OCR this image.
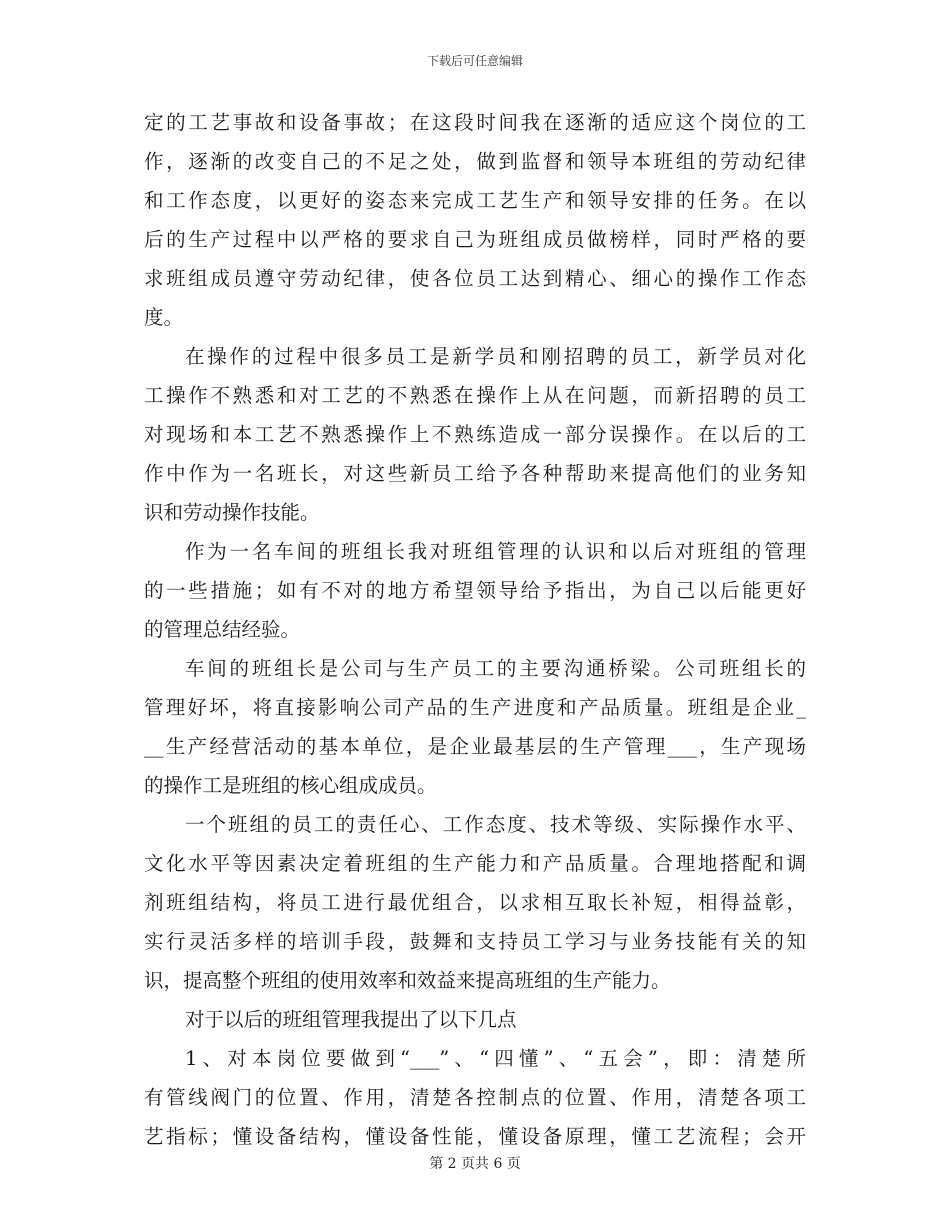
下载后可任意编辑
定的工艺事故和设备事故；在这段时间我在逐渐的适应这个岗位的工
作，逐渐的改变自己的不足之处，做到监督和领导本班组的劳动纪律
和工作态度，以更好的姿态来完成工艺生产和领导安排的任务。在以
后的生产过程中以严格的要求自己为班组成员做榜样，同时严格的要
求班组成员遵守劳动纪律，使各位员工达到精心、细心的操作工作态
度。
在操作的过程中很多员工是新学员和刚招聘的员工，新学员对化
工操作不熟悉和对工艺的不熟悉在操作上从在问题，而新招聘的员工
对现场和本工艺不熟悉操作上不熟练造成一部分误操作。在以后的工
作中作为一名班长，对这些新员工给予各种帮助来提高他们的业务知
识和劳动操作技能。
作为一名车间的班组长我对班组管理的认识和以后对班组的管理
的一些措施；如有不对的地方希望领导给予指出，为自己以后能更好
的管理总结经验。
车间的班组长是公司与生产员工的主要沟通桥梁。公司班组长的
管理好坏，将直接影响公司产品的生产进度和产品质量。班组是企业_
__生产经营活动的基本单位，是企业最基层的生产管理___，生产现场
的操作工是班组的核心组成成员。
一个班组的员工的责任心、工作态度、技术等级、实际操作水平、
文化水平等因素决定着班组的生产能力和产品质量。合理地搭配和调
剂班组结构，将员工进行最优组合，以求相互取长补短，相得益彰，
实行灵活多样的培训手段，鼓舞和支持员工学习与业务技能有关的知
识，提高整个班组的使用效率和效益来提高班组的生产能力。
对于以后的班组管理我提出了以下几点
1、对本岗位要做到“___”、“四懂”、“五会”，即：清楚所
有管线阀门的位置、作用，清楚各控制点的位置、作用，清楚各项工
艺指标；懂设备结构，懂设备性能，懂设备原理，懂工艺流程；会开
第 2 页共 6 页
